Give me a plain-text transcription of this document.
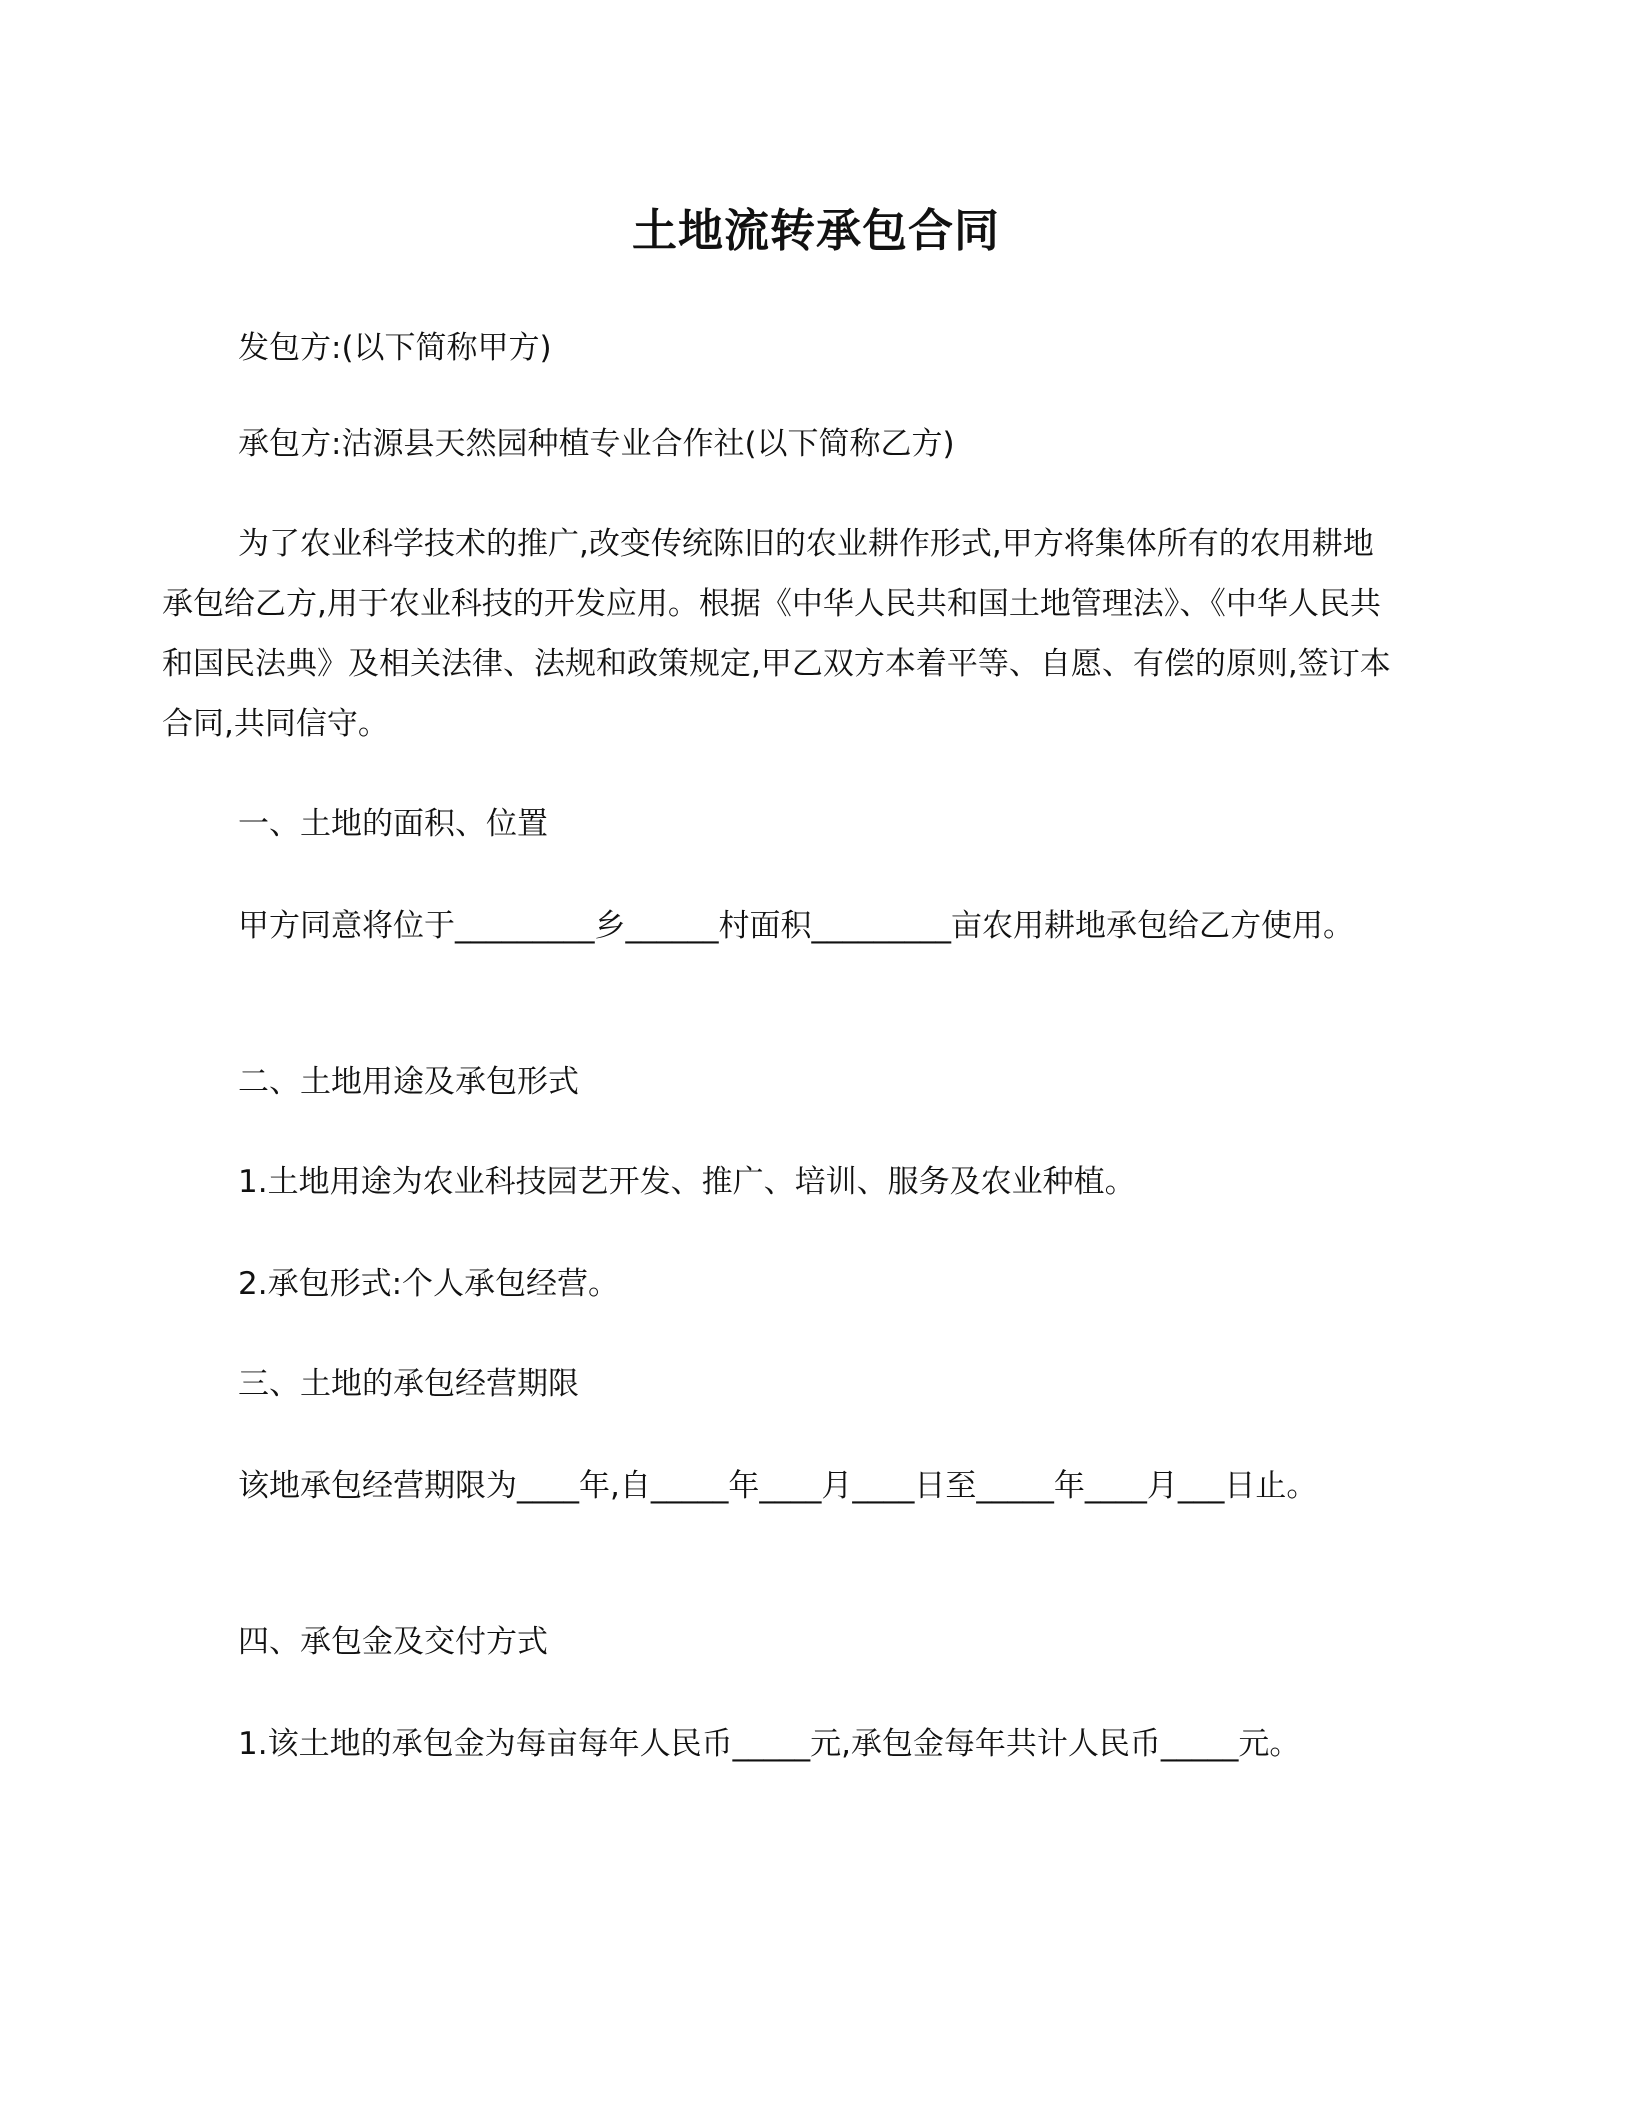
土地流转承包合同

发包方:(以下简称甲方)

承包方:沽源县天然园种植专业合作社(以下简称乙方)

为了农业科学技术的推广,改变传统陈旧的农业耕作形式,甲方将集体所有的农用耕地承包给乙方,用于农业科技的开发应用。根据《中华人民共和国土地管理法》、《中华人民共和国民法典》及相关法律、法规和政策规定,甲乙双方本着平等、自愿、有偿的原则,签订本合同,共同信守。

一、土地的面积、位置

甲方同意将位于_________乡______村面积_________亩农用耕地承包给乙方使用。

二、土地用途及承包形式

1.土地用途为农业科技园艺开发、推广、培训、服务及农业种植。

2.承包形式:个人承包经营。

三、土地的承包经营期限

该地承包经营期限为____年,自_____年____月____日至_____年____月___日止。

四、承包金及交付方式

1.该土地的承包金为每亩每年人民币_____元,承包金每年共计人民币_____元。
